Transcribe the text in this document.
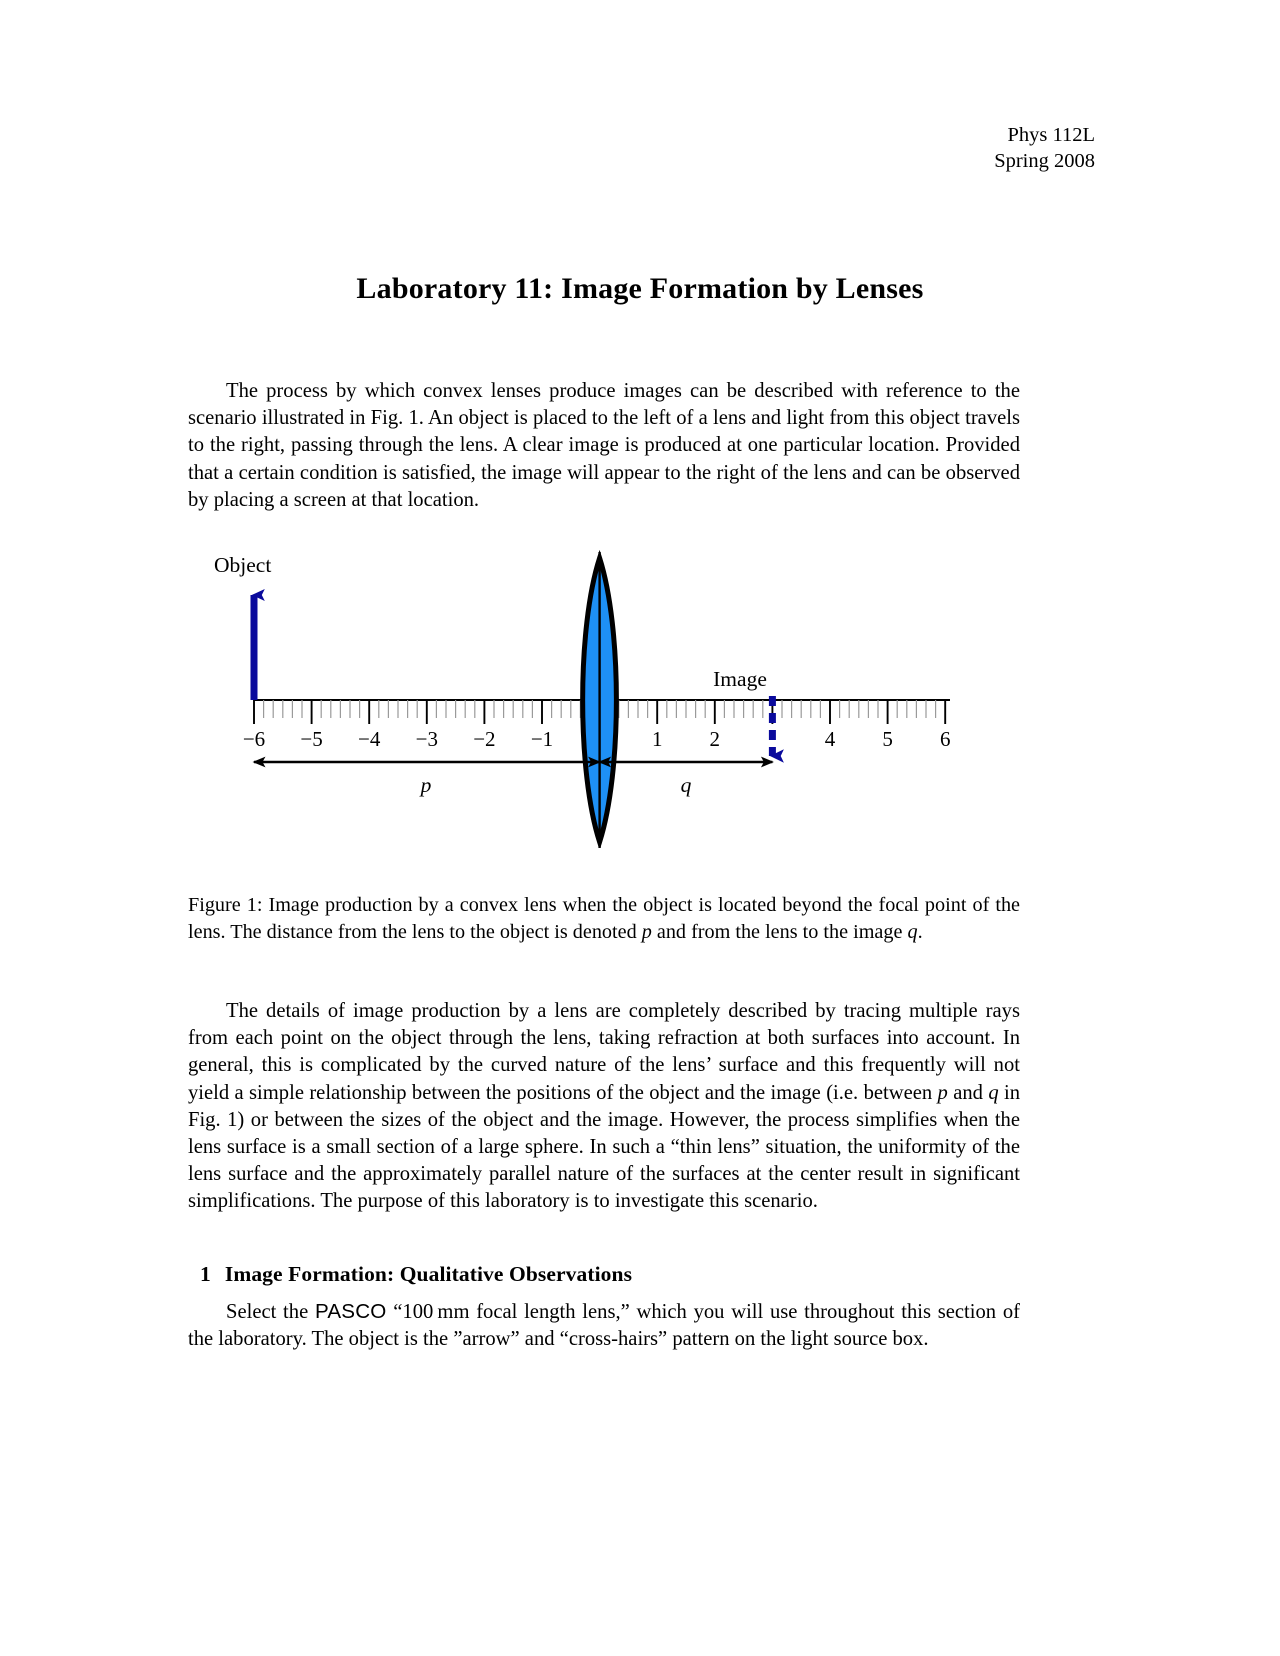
Phys 112L
Spring 2008
Laboratory 11: Image Formation by Lenses

The process by which convex lenses produce images can be described with reference to the scenario illustrated in Fig. 1. An object is placed to the left of a lens and light from this object travels to the right, passing through the lens. A clear image is produced at one particular location. Provided that a certain condition is satisfied, the image will appear to the right of the lens and can be observed by placing a screen at that location.

Object
Image
−6 −5 −4 −3 −2 −1	1 2	4 5 6
p	q

Figure 1: Image production by a convex lens when the object is located beyond the focal point of the lens. The distance from the lens to the object is denoted p and from the lens to the image q.

The details of image production by a lens are completely described by tracing multiple rays from each point on the object through the lens, taking refraction at both surfaces into account. In general, this is complicated by the curved nature of the lens’ surface and this frequently will not yield a simple relationship between the positions of the object and the image (i.e. between p and q in Fig. 1) or between the sizes of the object and the image. However, the process simplifies when the lens surface is a small section of a large sphere. In such a “thin lens” situation, the uniformity of the lens surface and the approximately parallel nature of the surfaces at the center result in significant simplifications. The purpose of this laboratory is to investigate this scenario.

1 Image Formation: Qualitative Observations

Select the PASCO “100 mm focal length lens,” which you will use throughout this section of the laboratory. The object is the ”arrow” and “cross-hairs” pattern on the light source box.
